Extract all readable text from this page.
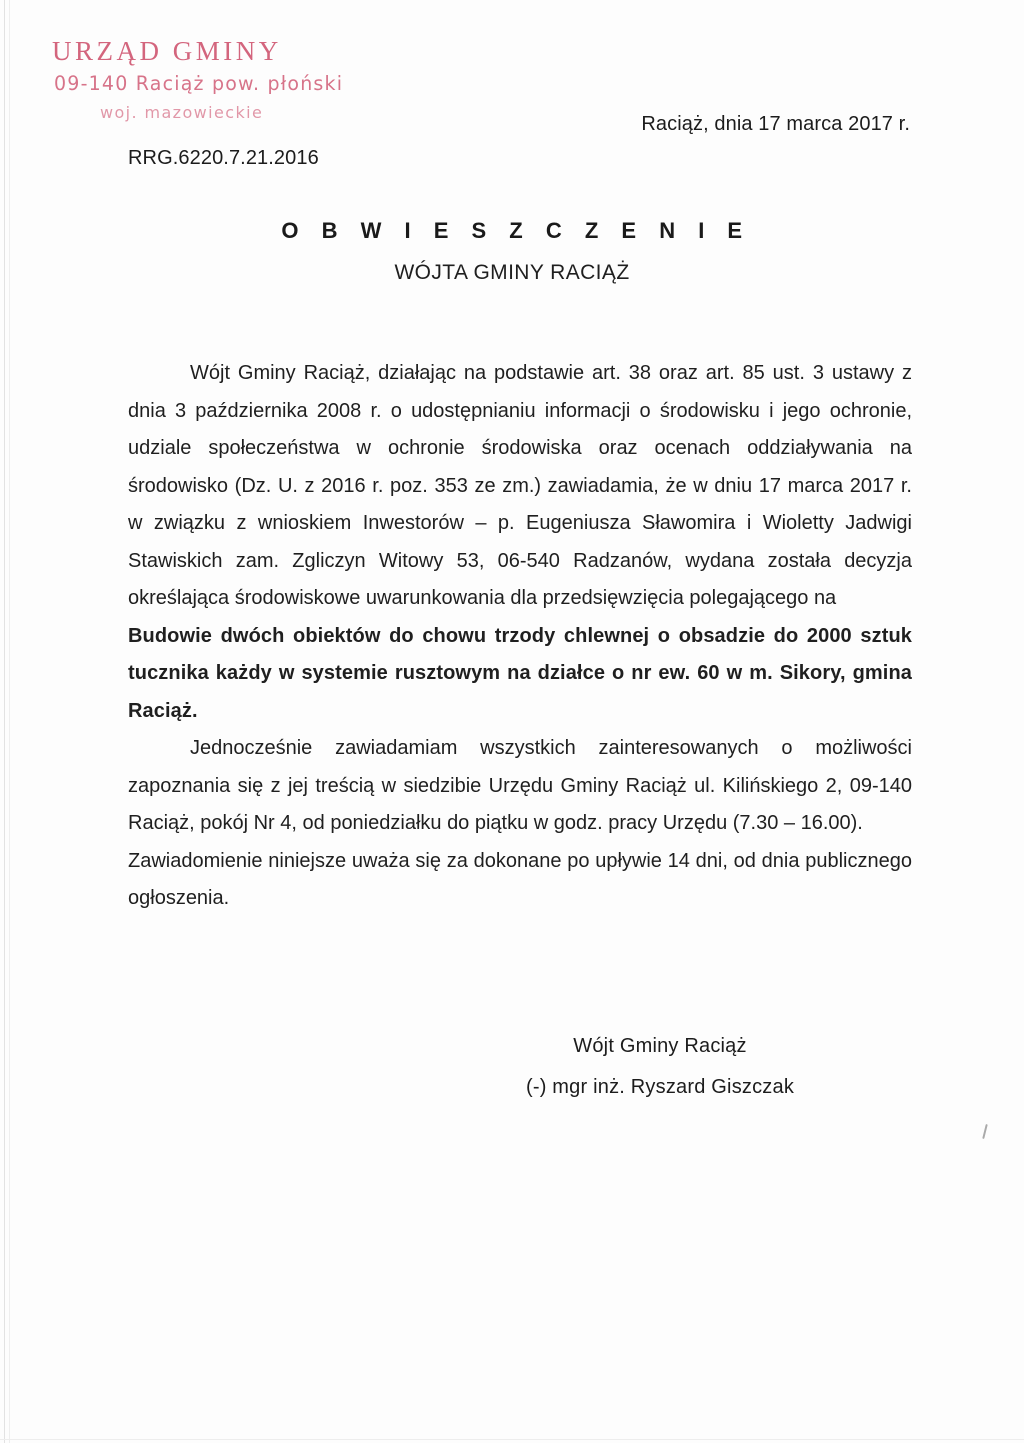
URZĄD GMINY
09-140 Raciąż pow. płoński
woj. mazowieckie
Raciąż, dnia 17 marca 2017 r.
RRG.6220.7.21.2016
O B W I E S Z C Z E N I E
WÓJTA GMINY RACIĄŻ

Wójt Gminy Raciąż, działając na podstawie art. 38 oraz art. 85 ust. 3 ustawy z dnia 3 października 2008 r. o udostępnianiu informacji o środowisku i jego ochronie, udziale społeczeństwa w ochronie środowiska oraz ocenach oddziaływania na środowisko (Dz. U. z 2016 r. poz. 353 ze zm.) zawiadamia, że w dniu 17 marca 2017 r. w związku z wnioskiem Inwestorów – p. Eugeniusza Sławomira i Wioletty Jadwigi Stawiskich zam. Zgliczyn Witowy 53, 06-540 Radzanów, wydana została decyzja określająca środowiskowe uwarunkowania dla przedsięwzięcia polegającego na

Budowie dwóch obiektów do chowu trzody chlewnej o obsadzie do 2000 sztuk tucznika każdy w systemie rusztowym na działce o nr ew. 60 w m. Sikory, gmina Raciąż.

Jednocześnie zawiadamiam wszystkich zainteresowanych o możliwości zapoznania się z jej treścią w siedzibie Urzędu Gminy Raciąż ul. Kilińskiego 2, 09-140 Raciąż, pokój Nr 4, od poniedziałku do piątku w godz. pracy Urzędu (7.30 – 16.00).

Zawiadomienie niniejsze uważa się za dokonane po upływie 14 dni, od dnia publicznego ogłoszenia.

Wójt Gminy Raciąż
(-) mgr inż. Ryszard Giszczak
